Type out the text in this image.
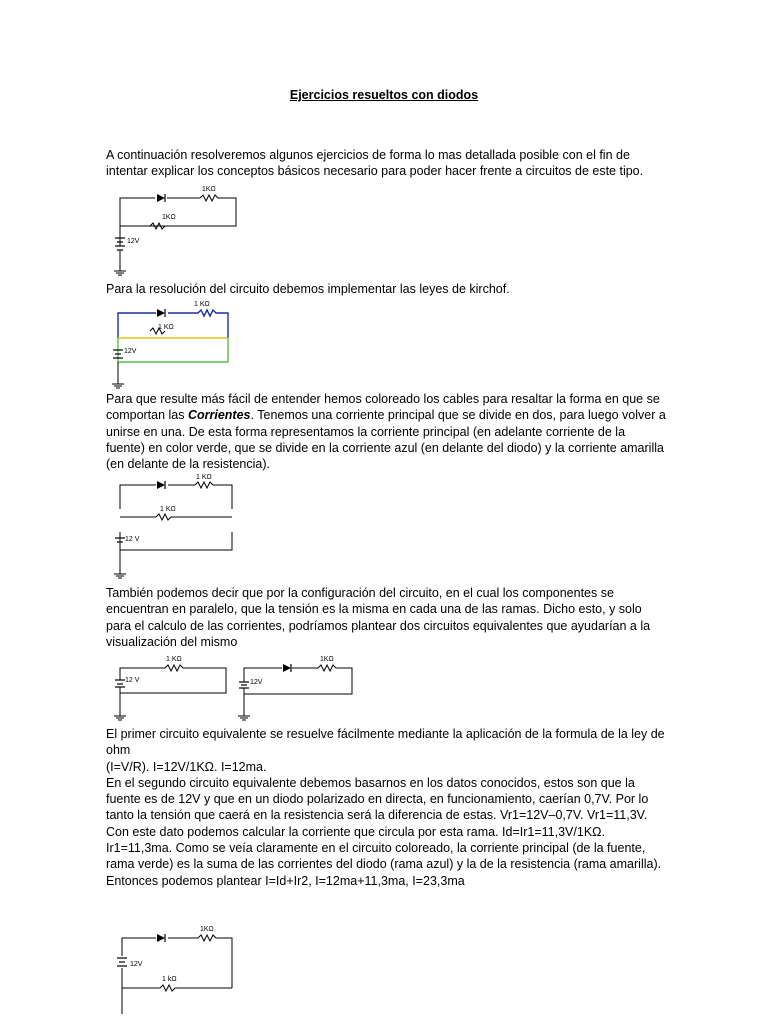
Ejercicios resueltos con diodos
A continuación resolveremos algunos ejercicios de forma lo mas detallada posible con el fin de intentar explicar los conceptos básicos necesario para poder hacer frente a circuitos de este tipo.
1KΩ
1KΩ
12V
Para la resolución del circuito debemos implementar las leyes de kirchof.
1 KΩ
1 KΩ
12V
Para que resulte más fácil de entender hemos coloreado los cables para resaltar la forma en que se comportan las Corrientes. Tenemos una corriente principal que se divide en dos, para luego volver a unirse en una. De esta forma representamos la corriente principal (en adelante corriente de la fuente) en color verde, que se divide en la corriente azul (en delante del diodo) y la corriente amarilla (en delante de la resistencia).
1 KΩ
1 KΩ
12 V
También podemos decir que por la configuración del circuito, en el cual los componentes se encuentran en paralelo, que la tensión es la misma en cada una de las ramas. Dicho esto, y solo para el calculo de las corrientes, podríamos plantear dos circuitos equivalentes que ayudarían a la visualización del mismo
1 KΩ
12 V
1KΩ
12V
El primer circuito equivalente se resuelve fácilmente mediante la aplicación de la formula de la ley de ohm
(I=V/R). I=12V/1KΩ. I=12ma.
En el segundo circuito equivalente debemos basarnos en los datos conocidos, estos son que la fuente es de 12V y que en un diodo polarizado en directa, en funcionamiento, caerían 0,7V. Por lo tanto la tensión que caerá en la resistencia será la diferencia de estas. Vr1=12V–0,7V. Vr1=11,3V. Con este dato podemos calcular la corriente que circula por esta rama. Id=Ir1=11,3V/1KΩ. Ir1=11,3ma. Como se veía claramente en el circuito coloreado, la corriente principal (de la fuente, rama verde) es la suma de las corrientes del diodo (rama azul) y la de la resistencia (rama amarilla). Entonces podemos plantear I=Id+Ir2, I=12ma+11,3ma, I=23,3ma
1KΩ
1 kΩ
12V
